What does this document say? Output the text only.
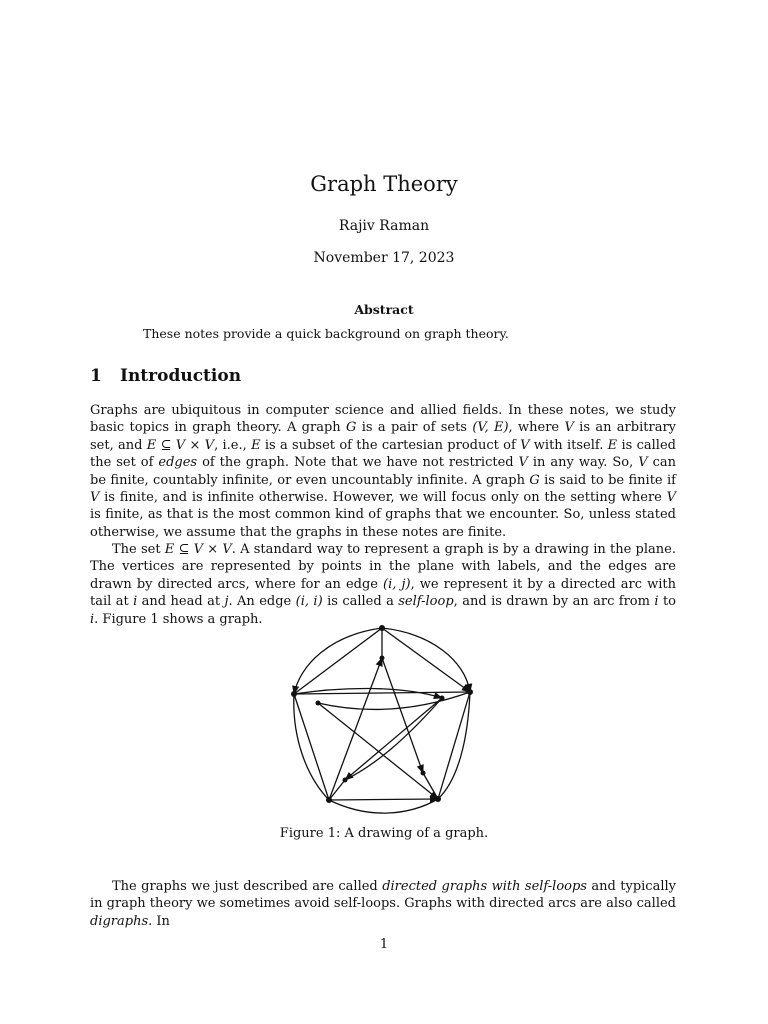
Graph Theory
Rajiv Raman
November 17, 2023
Abstract
These notes provide a quick background on graph theory.
1 Introduction
Graphs are ubiquitous in computer science and allied fields. In these notes, we study basic topics in graph theory. A graph G is a pair of sets (V, E), where V is an arbitrary set, and E ⊆ V × V, i.e., E is a subset of the cartesian product of V with itself. E is called the set of edges of the graph. Note that we have not restricted V in any way. So, V can be finite, countably infinite, or even uncountably infinite. A graph G is said to be finite if V is finite, and is infinite otherwise. However, we will focus only on the setting where V is finite, as that is the most common kind of graphs that we encounter. So, unless stated otherwise, we assume that the graphs in these notes are finite.
The set E ⊆ V × V. A standard way to represent a graph is by a drawing in the plane. The vertices are represented by points in the plane with labels, and the edges are drawn by directed arcs, where for an edge (i, j), we represent it by a directed arc with tail at i and head at j. An edge (i, i) is called a self-loop, and is drawn by an arc from i to i. Figure 1 shows a graph.
Figure 1: A drawing of a graph.
The graphs we just described are called directed graphs with self-loops and typically in graph theory we sometimes avoid self-loops. Graphs with directed arcs are also called digraphs. In
1
